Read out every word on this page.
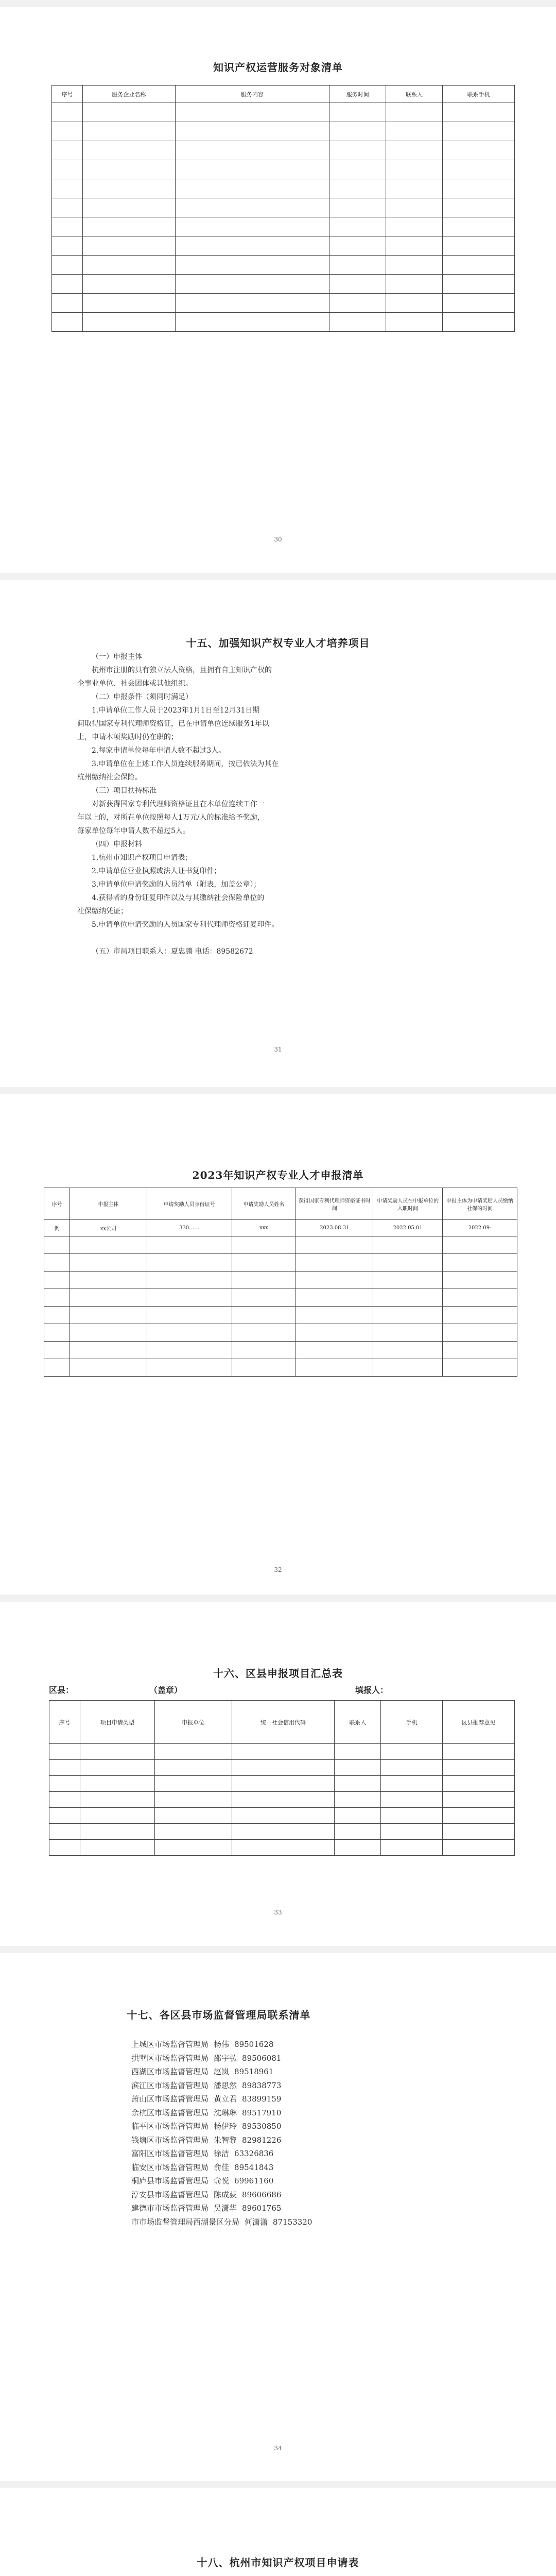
知识产权运营服务对象清单
序号	服务企业名称	服务内容	服务时间	联系人	联系手机

30
十五、加强知识产权专业人才培养项目

（一）申报主体

杭州市注册的具有独立法人资格，且拥有自主知识产权的

企事业单位、社会团体或其他组织。

（二）申报条件（须同时满足）

1.申请单位工作人员于2023年1月1日至12月31日期

间取得国家专利代理师资格证，已在申请单位连续服务1年以

上，申请本项奖励时仍在职的；

2.每家申请单位每年申请人数不超过3人。

3.申请单位在上述工作人员连续服务期间，按已依法为其在

杭州缴纳社会保险。

（三）项目扶持标准

对新获得国家专利代理师资格证且在本单位连续工作一

年以上的，对所在单位按照每人1万元/人的标准给予奖励，

每家单位每年申请人数不超过5人。

（四）申报材料

1.杭州市知识产权项目申请表；

2.申请单位营业执照或法人证书复印件；

3.申请单位申请奖励的人员清单（附表，加盖公章）；

4.获得者的身份证复印件以及与其缴纳社会保险单位的

社保缴纳凭证；

5.申请单位申请奖励的人员国家专利代理师资格证复印件。

（五）市局项目联系人：夏忠鹏 电话：89582672

31
2023年知识产权专业人才申报清单
序号	申报主体	申请奖励人员身份证号	申请奖励人员姓名	获得国家专利代理师资格证书时间	申请奖励人员在申报单位的入职时间	申报主体为申请奖励人员缴纳社保的时间
例	xx公司	330……	xxx	2023.08.31	2022.05.01	2022.09-

32
十六、区县申报项目汇总表
区县：	（盖章）	填报人：
序号	项目申请类型	申报单位	统一社会信用代码	联系人	手机	区县推荐意见

33
十七、各区县市场监督管理局联系清单
上城区市场监督管理局 杨伟 89501628
拱墅区市场监督管理局 邵宇弘 89506081
西湖区市场监督管理局 赵岚 89518961
滨江区市场监督管理局 潘思然 89838773
萧山区市场监督管理局 黄立君 83899159
余杭区市场监督管理局 沈琳琳 89517910
临平区市场监督管理局 杨伊玲 89530850
钱塘区市场监督管理局 朱智黎 82981226
富阳区市场监督管理局 徐洁 63326836
临安区市场监督管理局 俞佳 89541843
桐庐县市场监督管理局 俞悦 69961160
淳安县市场监督管理局 陈成荻 89606686
建德市市场监督管理局 吴潇华 89601765
市市场监督管理局西湖景区分局 何潇潇 87153320
34
十八、杭州市知识产权项目申请表
